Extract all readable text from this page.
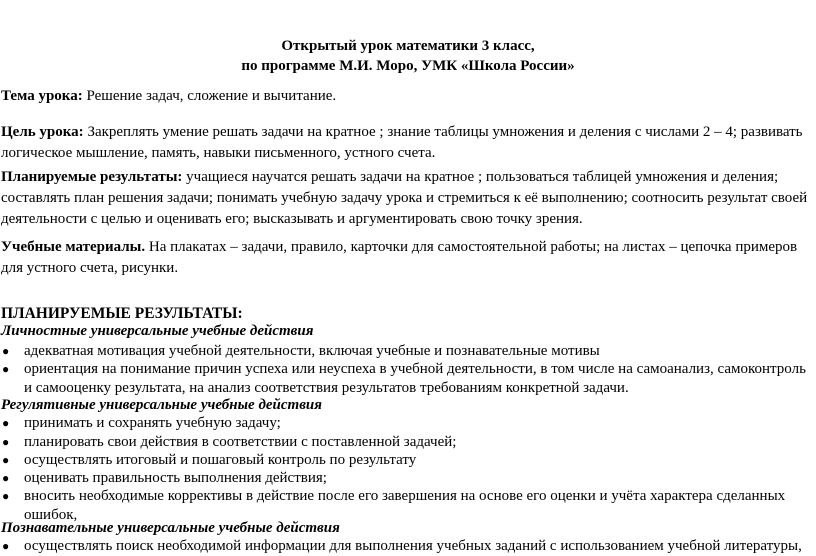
Открытый урок математики 3 класс,
по программе М.И. Моро, УМК «Школа России»
Тема урока: Решение задач, сложение и вычитание.
Цель урока: Закреплять умение решать задачи на кратное ; знание таблицы умножения и деления с числами 2 – 4; развивать логическое мышление, память, навыки письменного, устного счета.
Планируемые результаты: учащиеся научатся решать задачи на кратное ; пользоваться таблицей умножения и деления; составлять план решения задачи; понимать учебную задачу урока и стремиться к её выполнению; соотносить результат своей деятельности с целью и оценивать его; высказывать и аргументировать свою точку зрения.
Учебные материалы. На плакатах – задачи, правило, карточки для самостоятельной работы; на листах – цепочка примеров для устного счета, рисунки.
ПЛАНИРУЕМЫЕ РЕЗУЛЬТАТЫ:
Личностные универсальные учебные действия
● адекватная мотивация учебной деятельности, включая учебные и познавательные мотивы
● ориентация на понимание причин успеха или неуспеха в учебной деятельности, в том числе на самоанализ, самоконтроль и самооценку результата, на анализ соответствия результатов требованиям конкретной задачи.
Регулятивные универсальные учебные действия
● принимать и сохранять учебную задачу;
● планировать свои действия в соответствии с поставленной задачей;
● осуществлять итоговый и пошаговый контроль по результату
● оценивать правильность выполнения действия;
● вносить необходимые коррективы в действие после его завершения на основе его оценки и учёта характера сделанных ошибок,
Познавательные универсальные учебные действия
● осуществлять поиск необходимой информации для выполнения учебных заданий с использованием учебной литературы,
